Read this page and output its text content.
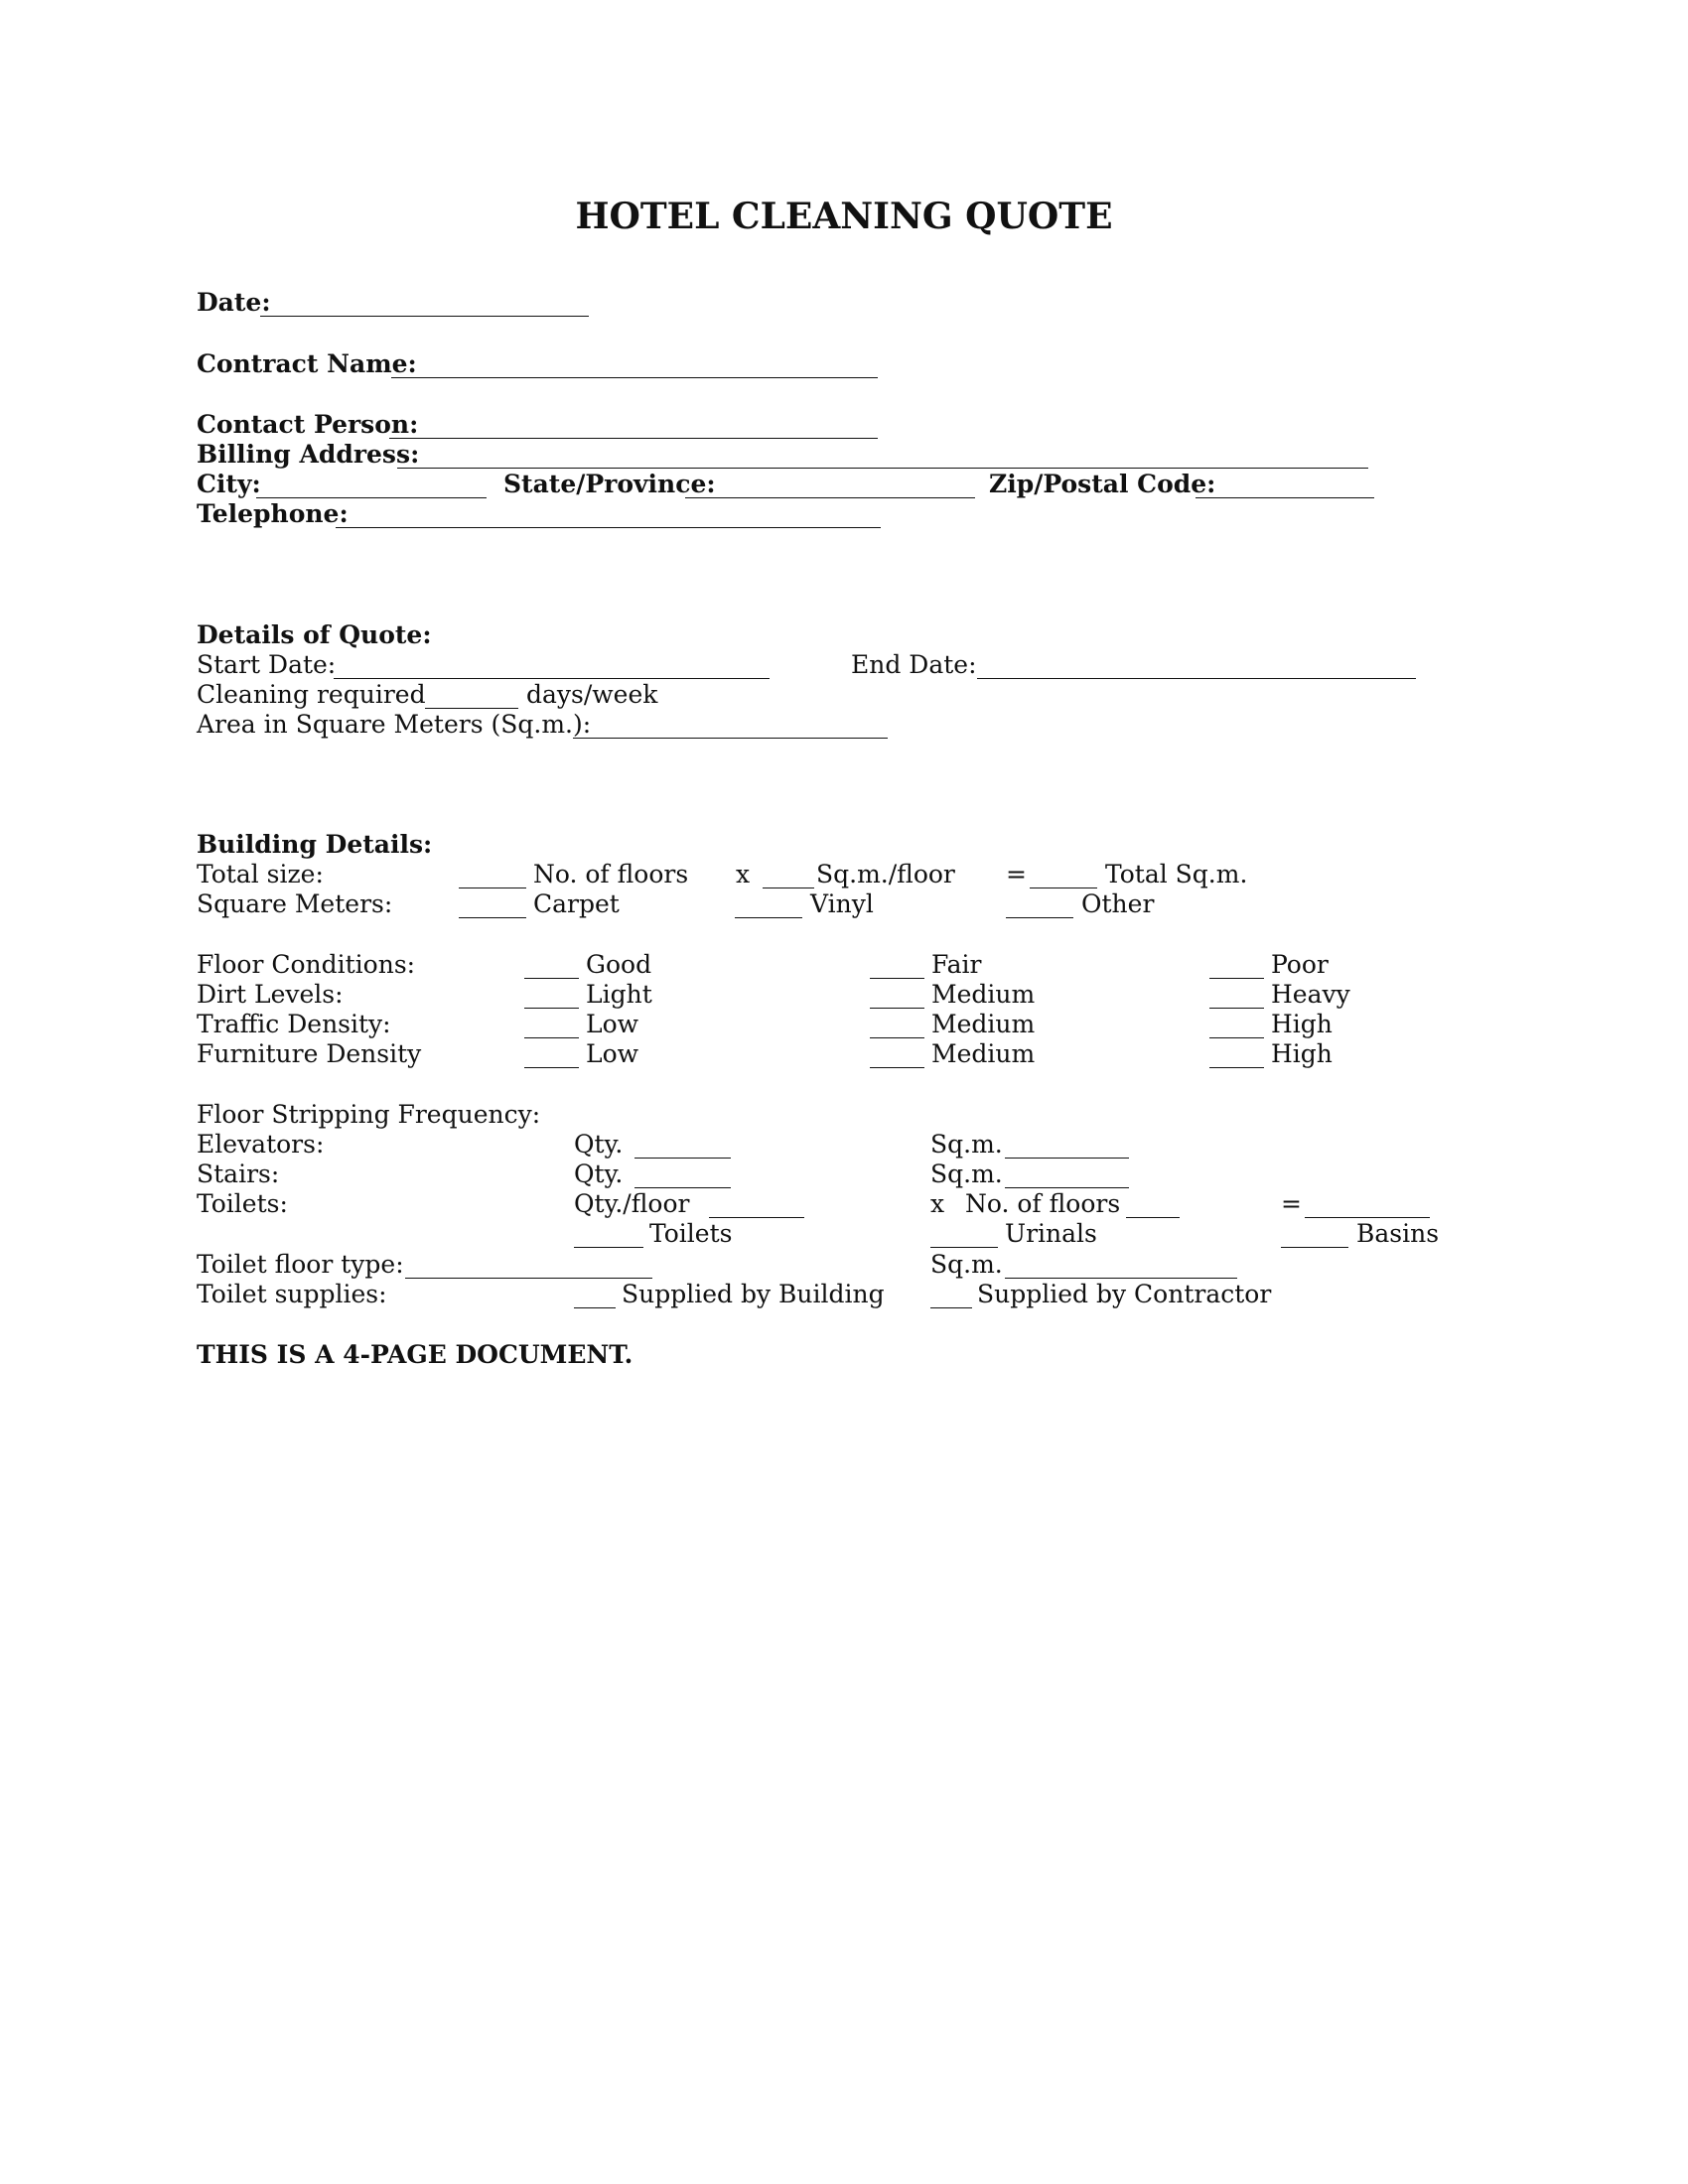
HOTEL CLEANING QUOTE
Date:
Contract Name:
Contact Person:
Billing Address:
City:	State/Province:	Zip/Postal Code:
Telephone:
Details of Quote:
Start Date:	End Date:
Cleaning required	days/week
Area in Square Meters (Sq.m.):
Building Details:
Total size:	No. of floors x	Sq.m./floor =	Total Sq.m.
Square Meters:	Carpet	Vinyl	Other
Floor Conditions:	Good	Fair	Poor
Dirt Levels:	Light	Medium	Heavy
Traffic Density:	Low	Medium	High
Furniture Density	Low	Medium	High
Floor Stripping Frequency:
Elevators:	Qty.	Sq.m.
Stairs:	Qty.	Sq.m.
Toilets:	Qty./floor	x No. of floors	=
Toilets	Urinals	Basins
Toilet floor type:	Sq.m.
Toilet supplies:	Supplied by Building	Supplied by Contractor
THIS IS A 4-PAGE DOCUMENT.
